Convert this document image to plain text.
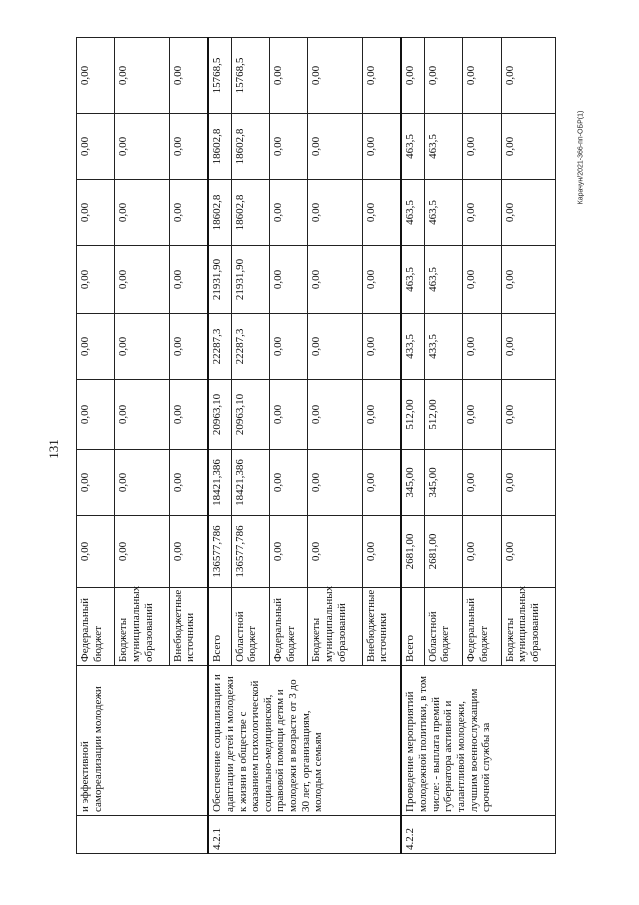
131
Карачун/2021-366-пп-ОБР(1)
	и эффективной самореализации молодежи	Федеральный бюджет	0,00	0,00	0,00	0,00	0,00	0,00	0,00	0,00
		Бюджеты муниципальных образований	0,00	0,00	0,00	0,00	0,00	0,00	0,00	0,00
		Внебюджетные источники	0,00	0,00	0,00	0,00	0,00	0,00	0,00	0,00
4.2.1	Обеспечение социализации и адаптации детей и молодежи к жизни в обществе с оказанием психологической социально-медицинской, правовой помощи детям и молодежи в возрасте от 3 до 30 лет, организациям, молодым семьям	Всего	136577,786	18421,386	20963,10	22287,3	21931,90	18602,8	18602,8	15768,5
		Областной бюджет	136577,786	18421,386	20963,10	22287,3	21931,90	18602,8	18602,8	15768,5
		Федеральный бюджет	0,00	0,00	0,00	0,00	0,00	0,00	0,00	0,00
		Бюджеты муниципальных образований	0,00	0,00	0,00	0,00	0,00	0,00	0,00	0,00
		Внебюджетные источники	0,00	0,00	0,00	0,00	0,00	0,00	0,00	0,00
4.2.2	Проведение мероприятий молодежной политики, в том числе: - выплата премий губернатора активной и талантливой молодежи, лучшим военнослужащим срочной службы за	Всего	2681,00	345,00	512,00	433,5	463,5	463,5	463,5	0,00
		Областной бюджет	2681,00	345,00	512,00	433,5	463,5	463,5	463,5	0,00
		Федеральный бюджет	0,00	0,00	0,00	0,00	0,00	0,00	0,00	0,00
		Бюджеты муниципальных образований	0,00	0,00	0,00	0,00	0,00	0,00	0,00	0,00
